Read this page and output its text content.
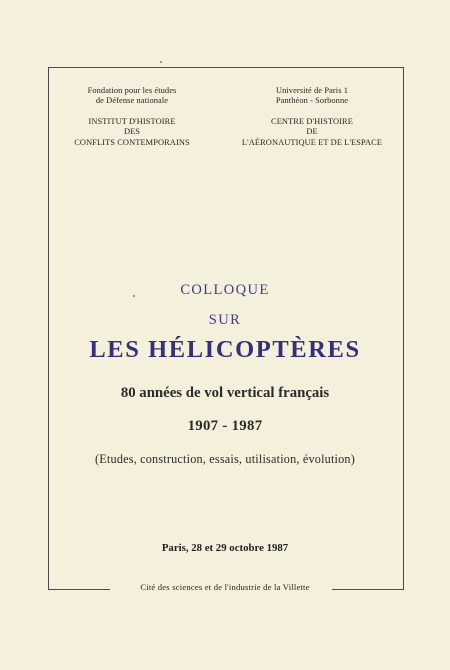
Fondation pour les études
de Défense nationale
INSTITUT D'HISTOIRE
DES
CONFLITS CONTEMPORAINS
Université de Paris 1
Panthéon - Sorbonne
CENTRE D'HISTOIRE
DE
L'AÉRONAUTIQUE ET DE L'ESPACE
COLLOQUE
SUR
LES HÉLICOPTÈRES
80 années de vol vertical français
1907 - 1987
(Etudes, construction, essais, utilisation, évolution)
Paris, 28 et 29 octobre 1987
Cité des sciences et de l'industrie de la Villette
